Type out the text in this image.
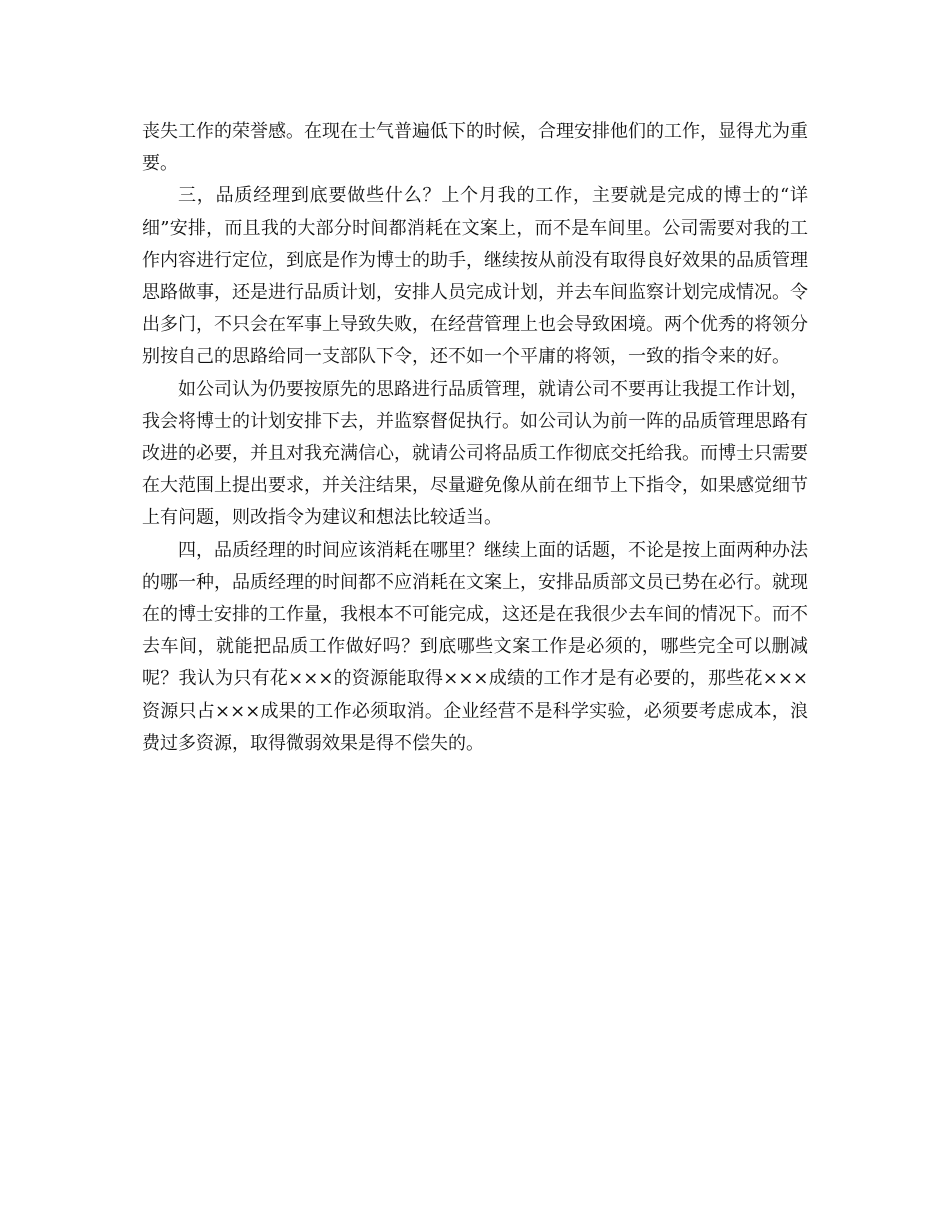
丧失工作的荣誉感。在现在士气普遍低下的时候，合理安排他们的工作，显得尤为重要。

三，品质经理到底要做些什么？上个月我的工作，主要就是完成的博士的“详细”安排，而且我的大部分时间都消耗在文案上，而不是车间里。公司需要对我的工作内容进行定位，到底是作为博士的助手，继续按从前没有取得良好效果的品质管理思路做事，还是进行品质计划，安排人员完成计划，并去车间监察计划完成情况。令出多门，不只会在军事上导致失败，在经营管理上也会导致困境。两个优秀的将领分别按自己的思路给同一支部队下令，还不如一个平庸的将领，一致的指令来的好。

如公司认为仍要按原先的思路进行品质管理，就请公司不要再让我提工作计划，我会将博士的计划安排下去，并监察督促执行。如公司认为前一阵的品质管理思路有改进的必要，并且对我充满信心，就请公司将品质工作彻底交托给我。而博士只需要在大范围上提出要求，并关注结果，尽量避免像从前在细节上下指令，如果感觉细节上有问题，则改指令为建议和想法比较适当。

四，品质经理的时间应该消耗在哪里？继续上面的话题，不论是按上面两种办法的哪一种，品质经理的时间都不应消耗在文案上，安排品质部文员已势在必行。就现在的博士安排的工作量，我根本不可能完成，这还是在我很少去车间的情况下。而不去车间，就能把品质工作做好吗？到底哪些文案工作是必须的，哪些完全可以删减呢？我认为只有花×××的资源能取得×××成绩的工作才是有必要的，那些花×××资源只占×××成果的工作必须取消。企业经营不是科学实验，必须要考虑成本，浪费过多资源，取得微弱效果是得不偿失的。
